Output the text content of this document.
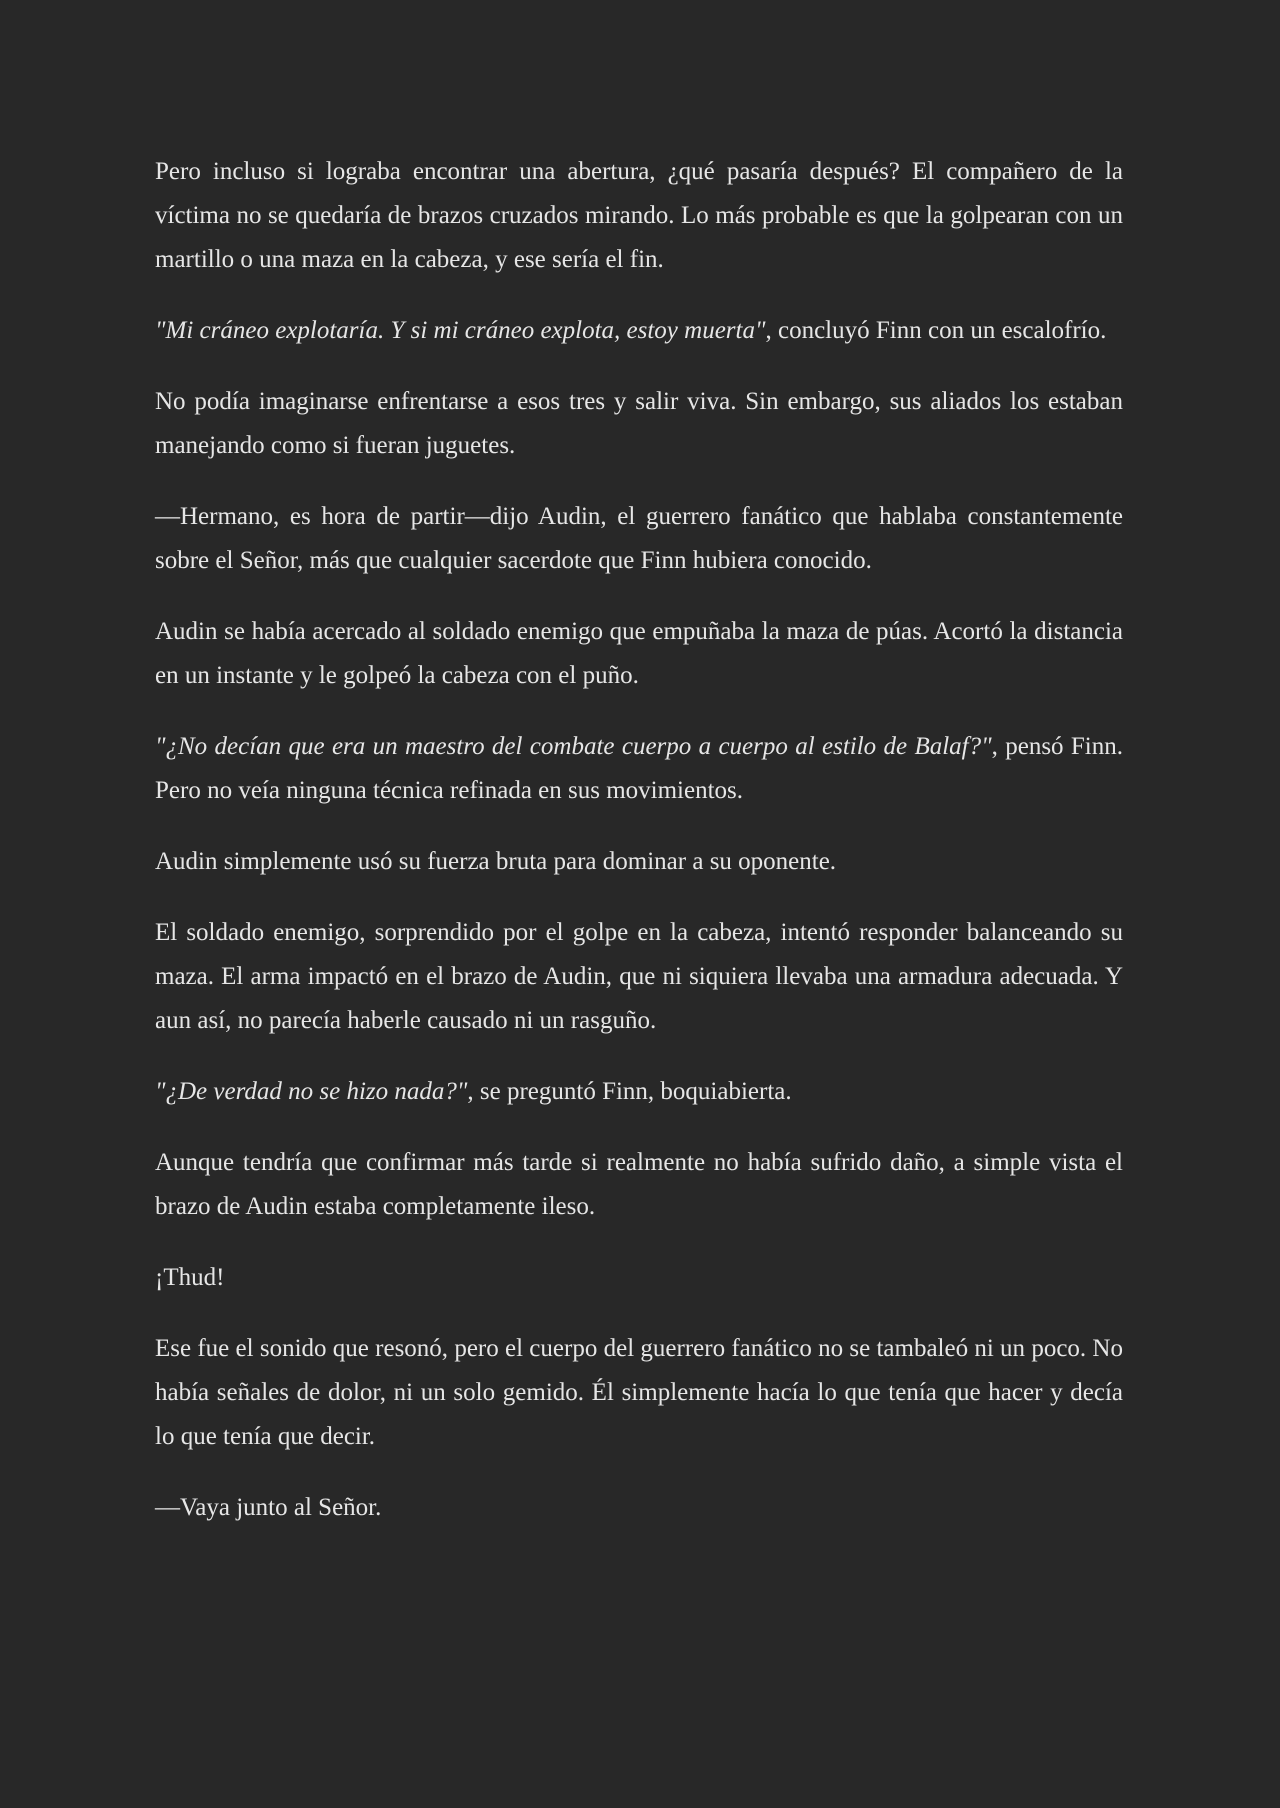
Pero incluso si lograba encontrar una abertura, ¿qué pasaría después? El compañero de la víctima no se quedaría de brazos cruzados mirando. Lo más probable es que la golpearan con un martillo o una maza en la cabeza, y ese sería el fin.

"Mi cráneo explotaría. Y si mi cráneo explota, estoy muerta", concluyó Finn con un escalofrío.

No podía imaginarse enfrentarse a esos tres y salir viva. Sin embargo, sus aliados los estaban manejando como si fueran juguetes.

—Hermano, es hora de partir—dijo Audin, el guerrero fanático que hablaba constantemente sobre el Señor, más que cualquier sacerdote que Finn hubiera conocido.

Audin se había acercado al soldado enemigo que empuñaba la maza de púas. Acortó la distancia en un instante y le golpeó la cabeza con el puño.

"¿No decían que era un maestro del combate cuerpo a cuerpo al estilo de Balaf?", pensó Finn. Pero no veía ninguna técnica refinada en sus movimientos.

Audin simplemente usó su fuerza bruta para dominar a su oponente.

El soldado enemigo, sorprendido por el golpe en la cabeza, intentó responder balanceando su maza. El arma impactó en el brazo de Audin, que ni siquiera llevaba una armadura adecuada. Y aun así, no parecía haberle causado ni un rasguño.

"¿De verdad no se hizo nada?", se preguntó Finn, boquiabierta.

Aunque tendría que confirmar más tarde si realmente no había sufrido daño, a simple vista el brazo de Audin estaba completamente ileso.

¡Thud!

Ese fue el sonido que resonó, pero el cuerpo del guerrero fanático no se tambaleó ni un poco. No había señales de dolor, ni un solo gemido. Él simplemente hacía lo que tenía que hacer y decía lo que tenía que decir.

—Vaya junto al Señor.
